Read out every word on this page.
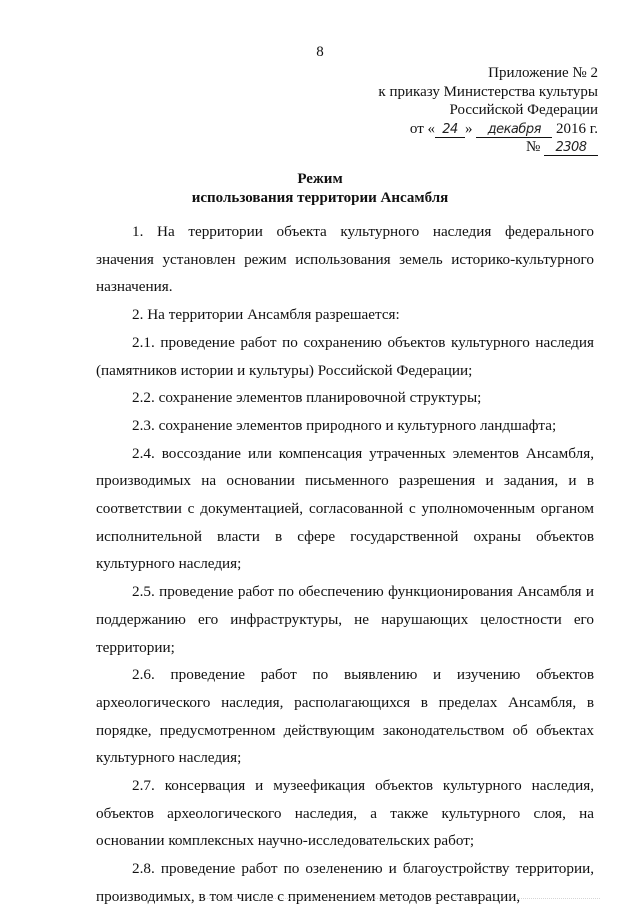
8
Приложение № 2
к приказу Министерства культуры
Российской Федерации
от « 24 » декабря 2016 г.
№ 2308
Режим
использования территории Ансамбля

1. На территории объекта культурного наследия федерального значения установлен режим использования земель историко-культурного назначения.

2. На территории Ансамбля разрешается:

2.1. проведение работ по сохранению объектов культурного наследия (памятников истории и культуры) Российской Федерации;

2.2. сохранение элементов планировочной структуры;

2.3. сохранение элементов природного и культурного ландшафта;

2.4. воссоздание или компенсация утраченных элементов Ансамбля, производимых на основании письменного разрешения и задания, и в соответствии с документацией, согласованной с уполномоченным органом исполнительной власти в сфере государственной охраны объектов культурного наследия;

2.5. проведение работ по обеспечению функционирования Ансамбля и поддержанию его инфраструктуры, не нарушающих целостности его территории;

2.6. проведение работ по выявлению и изучению объектов археологического наследия, располагающихся в пределах Ансамбля, в порядке, предусмотренном действующим законодательством об объектах культурного наследия;

2.7. консервация и музеефикация объектов культурного наследия, объектов археологического наследия, а также культурного слоя, на основании комплексных научно-исследовательских работ;

2.8. проведение работ по озеленению и благоустройству территории, производимых, в том числе с применением методов реставрации,
